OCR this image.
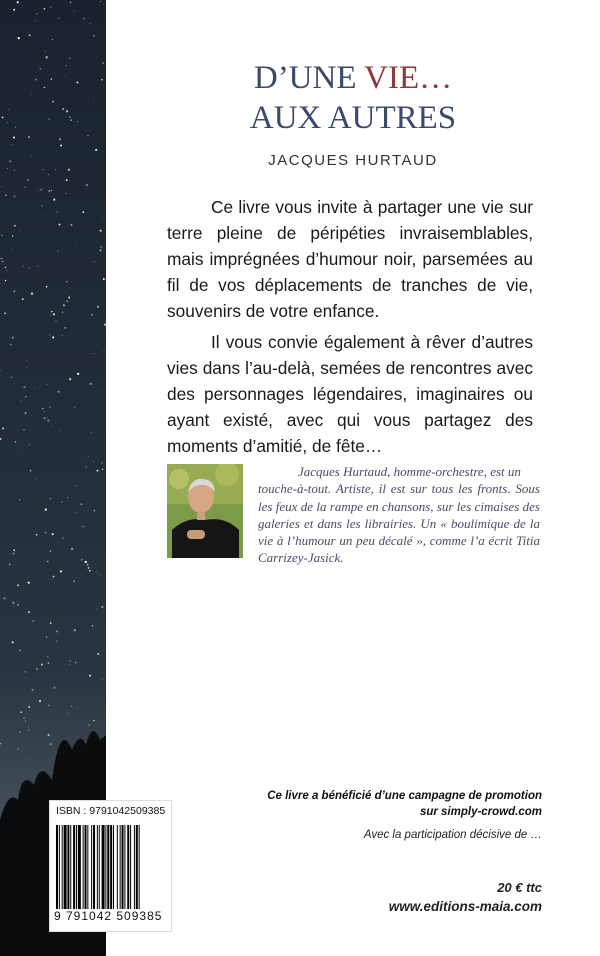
D’UNE VIE…
AUX AUTRES
JACQUES HURTAUD

Ce livre vous invite à partager une vie sur terre pleine de péripéties invraisemblables, mais imprégnées d’humour noir, parsemées au fil de vos déplacements de tranches de vie, souvenirs de votre enfance.

Il vous convie également à rêver d’autres vies dans l’au-delà, semées de rencontres avec des personnages légendaires, imaginaires ou ayant existé, avec qui vous partagez des moments d’amitié, de fête…

Jacques Hurtaud, homme-orchestre, est un
touche-à-tout. Artiste, il est sur tous les fronts. Sous les feux de la rampe en chansons, sur les cimaises des galeries et dans les librairies. Un « boulimique de la vie à l’humour un peu décalé », comme l’a écrit Titia Carrizey-Jasick.
Ce livre a bénéficié d’une campagne de promotion
sur simply-crowd.com
Avec la participation décisive de …
20 € ttc
www.editions-maia.com
ISBN : 9791042509385
9 791042 509385
